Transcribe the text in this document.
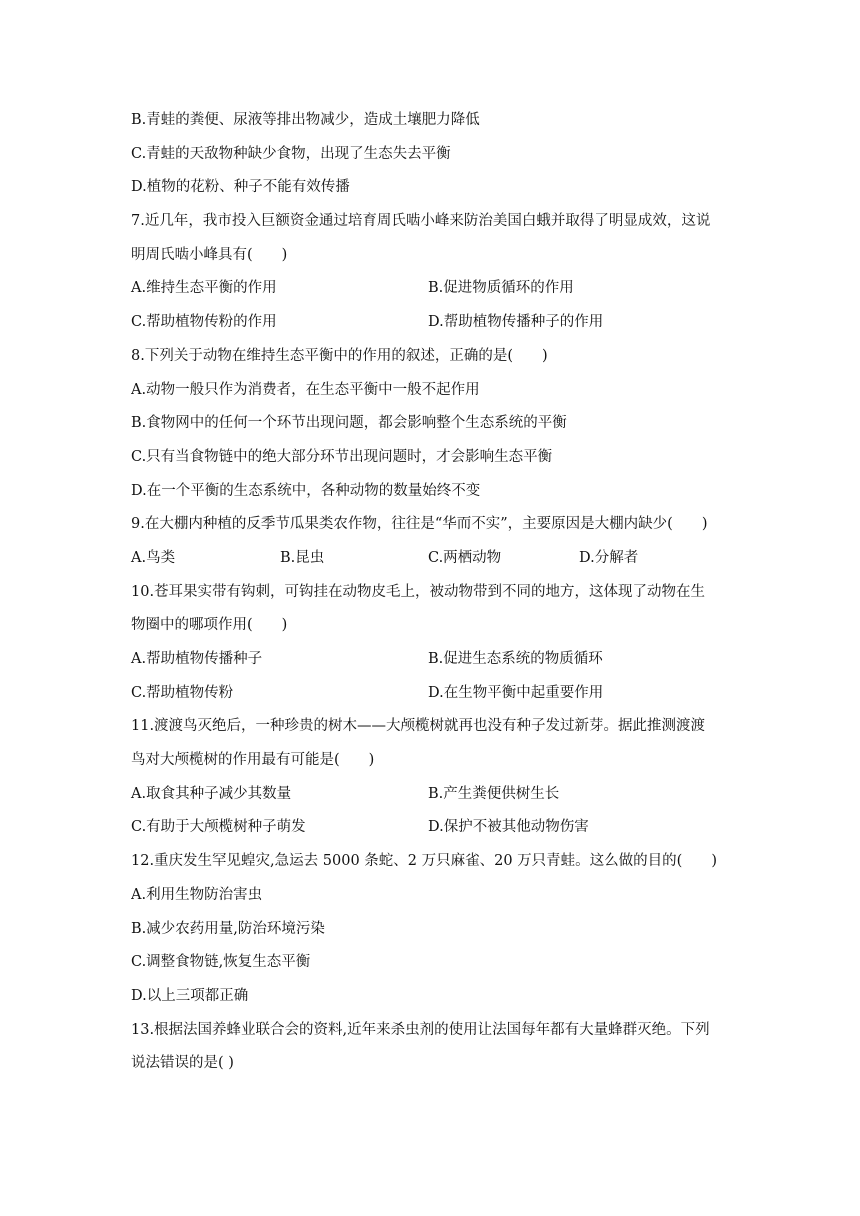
B.青蛙的粪便、尿液等排出物减少，造成土壤肥力降低
C.青蛙的天敌物种缺少食物，出现了生态失去平衡
D.植物的花粉、种子不能有效传播
7.近几年，我市投入巨额资金通过培育周氏啮小峰来防治美国白蛾并取得了明显成效，这说
明周氏啮小峰具有(　　)
A.维持生态平衡的作用	B.促进物质循环的作用
C.帮助植物传粉的作用	D.帮助植物传播种子的作用
8.下列关于动物在维持生态平衡中的作用的叙述，正确的是(　　)
A.动物一般只作为消费者，在生态平衡中一般不起作用
B.食物网中的任何一个环节出现问题，都会影响整个生态系统的平衡
C.只有当食物链中的绝大部分环节出现问题时，才会影响生态平衡
D.在一个平衡的生态系统中，各种动物的数量始终不变
9.在大棚内种植的反季节瓜果类农作物，往往是“华而不实”，主要原因是大棚内缺少(　　)
A.鸟类	B.昆虫	C.两栖动物	D.分解者
10.苍耳果实带有钩刺，可钩挂在动物皮毛上，被动物带到不同的地方，这体现了动物在生
物圈中的哪项作用(　　)
A.帮助植物传播种子	B.促进生态系统的物质循环
C.帮助植物传粉	D.在生物平衡中起重要作用
11.渡渡鸟灭绝后，一种珍贵的树木——大颅榄树就再也没有种子发过新芽。据此推测渡渡
鸟对大颅榄树的作用最有可能是(　　)
A.取食其种子减少其数量	B.产生粪便供树生长
C.有助于大颅榄树种子萌发	D.保护不被其他动物伤害
12.重庆发生罕见蝗灾,急运去 5000 条蛇、2 万只麻雀、20 万只青蛙。这么做的目的(　　)
A.利用生物防治害虫
B.减少农药用量,防治环境污染
C.调整食物链,恢复生态平衡
D.以上三项都正确
13.根据法国养蜂业联合会的资料,近年来杀虫剂的使用让法国每年都有大量蜂群灭绝。下列
说法错误的是( )
